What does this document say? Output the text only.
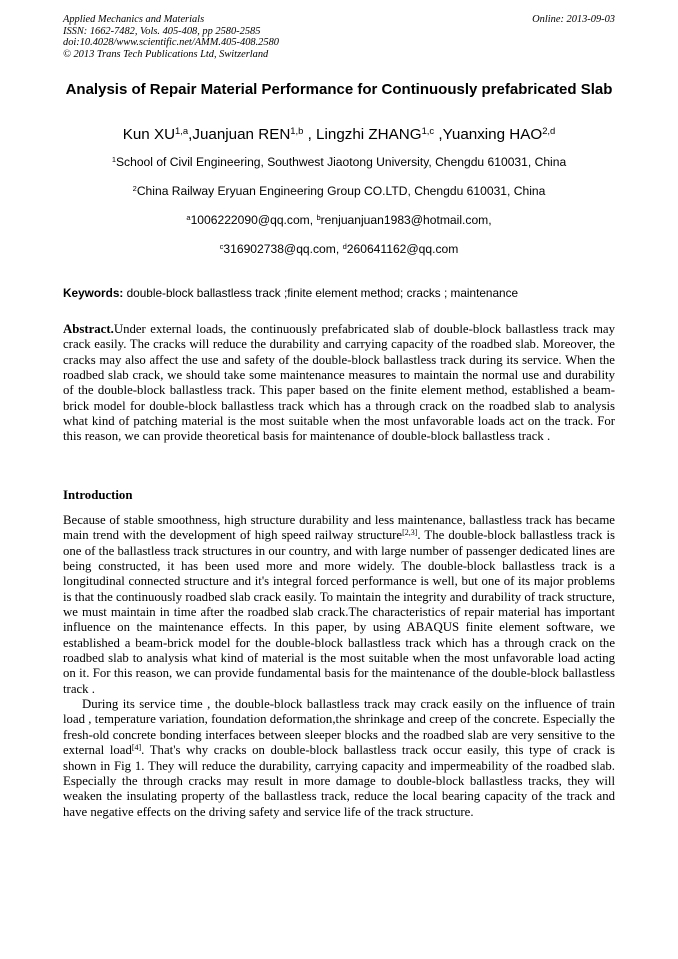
Applied Mechanics and Materials
ISSN: 1662-7482, Vols. 405-408, pp 2580-2585
doi:10.4028/www.scientific.net/AMM.405-408.2580
© 2013 Trans Tech Publications Ltd, Switzerland
Online: 2013-09-03
Analysis of Repair Material Performance for Continuously prefabricated Slab
Kun XU$^{1,a}$,Juanjuan REN$^{1,b}$ , Lingzhi ZHANG$^{1,c}$ ,Yuanxing HAO$^{2,d}$
$^1$School of Civil Engineering, Southwest Jiaotong University, Chengdu 610031, China
$^2$China Railway Eryuan Engineering Group CO.LTD, Chengdu 610031, China
$^a$1006222090@qq.com, $^b$renjuanjuan1983@hotmail.com,
$^c$316902738@qq.com, $^d$260641162@qq.com
Keywords: double-block ballastless track ;finite element method; cracks ; maintenance
Abstract.Under external loads, the continuously prefabricated slab of double-block ballastless track may crack easily. The cracks will reduce the durability and carrying capacity of the roadbed slab. Moreover, the cracks may also affect the use and safety of the double-block ballastless track during its service. When the roadbed slab crack, we should take some maintenance measures to maintain the normal use and durability of the double-block ballastless track. This paper based on the finite element method, established a beam-brick model for double-block ballastless track which has a through crack on the roadbed slab to analysis what kind of patching material is the most suitable when the most unfavorable loads act on the track. For this reason, we can provide theoretical basis for maintenance of double-block ballastless track .
Introduction

Because of stable smoothness, high structure durability and less maintenance, ballastless track has became main trend with the development of high speed railway structure[2,3]. The double-block ballastless track is one of the ballastless track structures in our country, and with large number of passenger dedicated lines are being constructed, it has been used more and more widely. The double-block ballastless track is a longitudinal connected structure and it's integral forced performance is well, but one of its major problems is that the continuously roadbed slab crack easily. To maintain the integrity and durability of track structure, we must maintain in time after the roadbed slab crack.The characteristics of repair material has important influence on the maintenance effects. In this paper, by using ABAQUS finite element software, we established a beam-brick model for the double-block ballastless track which has a through crack on the roadbed slab to analysis what kind of material is the most suitable when the most unfavorable load acting on it. For this reason, we can provide fundamental basis for the maintenance of the double-block ballastless track .

During its service time , the double-block ballastless track may crack easily on the influence of train load , temperature variation, foundation deformation,the shrinkage and creep of the concrete. Especially the fresh-old concrete bonding interfaces between sleeper blocks and the roadbed slab are very sensitive to the external load[4]. That's why cracks on double-block ballastless track occur easily, this type of crack is shown in Fig 1. They will reduce the durability, carrying capacity and impermeability of the roadbed slab. Especially the through cracks may result in more damage to double-block ballastless tracks, they will weaken the insulating property of the ballastless track, reduce the local bearing capacity of the track and have negative effects on the driving safety and service life of the track structure.
